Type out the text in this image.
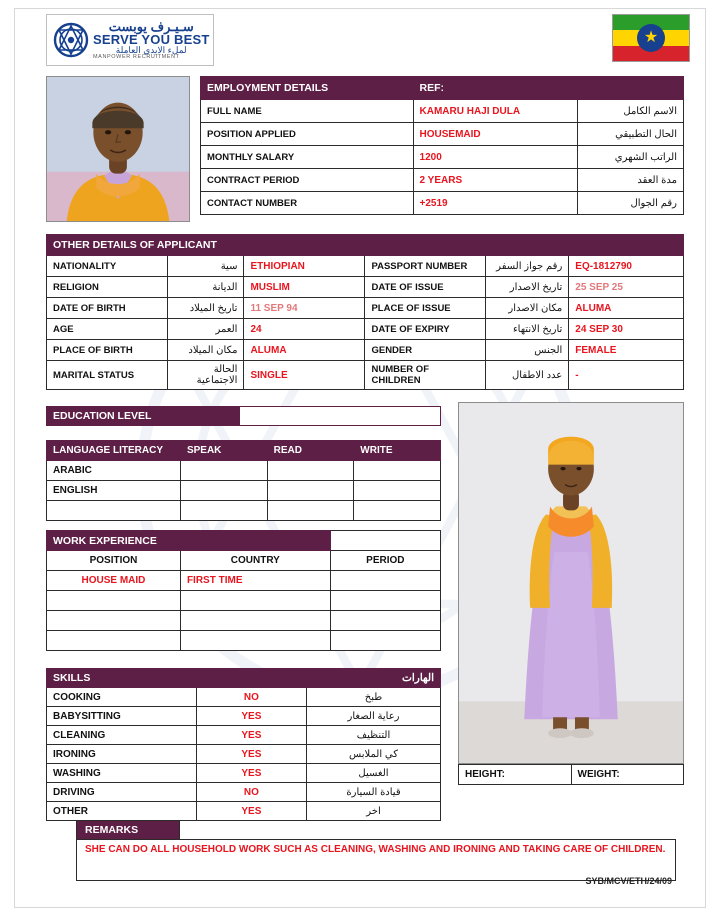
سـيـرف يوبست
SERVE YOU BEST
لملء الايدي العاملة
MANPOWER RECRUITMENT
★
EMPLOYMENT DETAILS	REF:	
FULL NAME	KAMARU HAJI DULA	الاسم الكامل
POSITION APPLIED	HOUSEMAID	الحال التطبيقي
MONTHLY SALARY	1200	الراتب الشهري
CONTRACT PERIOD	2 YEARS	مدة العقد
CONTACT NUMBER	+2519	رقم الجوال
OTHER DETAILS OF APPLICANT					
NATIONALITY	سية	ETHIOPIAN	PASSPORT NUMBER	رقم جواز السفر	EQ-1812790
RELIGION	الديانة	MUSLIM	DATE OF ISSUE	تاريخ الاصدار	25 SEP 25
DATE OF BIRTH	تاريخ الميلاد	11 SEP 94	PLACE OF ISSUE	مكان الاصدار	ALUMA
AGE	العمر	24	DATE OF EXPIRY	تاريخ الانتهاء	24 SEP 30
PLACE OF BIRTH	مكان الميلاد	ALUMA	GENDER	الجنس	FEMALE
MARITAL STATUS	الحالة الاجتماعية	SINGLE	NUMBER OF CHILDREN	عدد الاطفال	-
EDUCATION LEVEL	
LANGUAGE LITERACY	SPEAK	READ	WRITE
ARABIC			
ENGLISH			

WORK EXPERIENCE		
POSITION	COUNTRY	PERIOD
HOUSE MAID	FIRST TIME	

SKILLS		الهارات
COOKING	NO	طبخ
BABYSITTING	YES	رعاية الصغار
CLEANING	YES	التنظيف
IRONING	YES	كي الملابس
WASHING	YES	الغسيل
DRIVING	NO	قيادة السيارة
OTHER	YES	اخر
HEIGHT:	WEIGHT:
REMARKS
SHE CAN DO ALL HOUSEHOLD WORK SUCH AS CLEANING, WASHING AND IRONING AND TAKING CARE OF CHILDREN.
SYB/MCV/ETH/24/09
